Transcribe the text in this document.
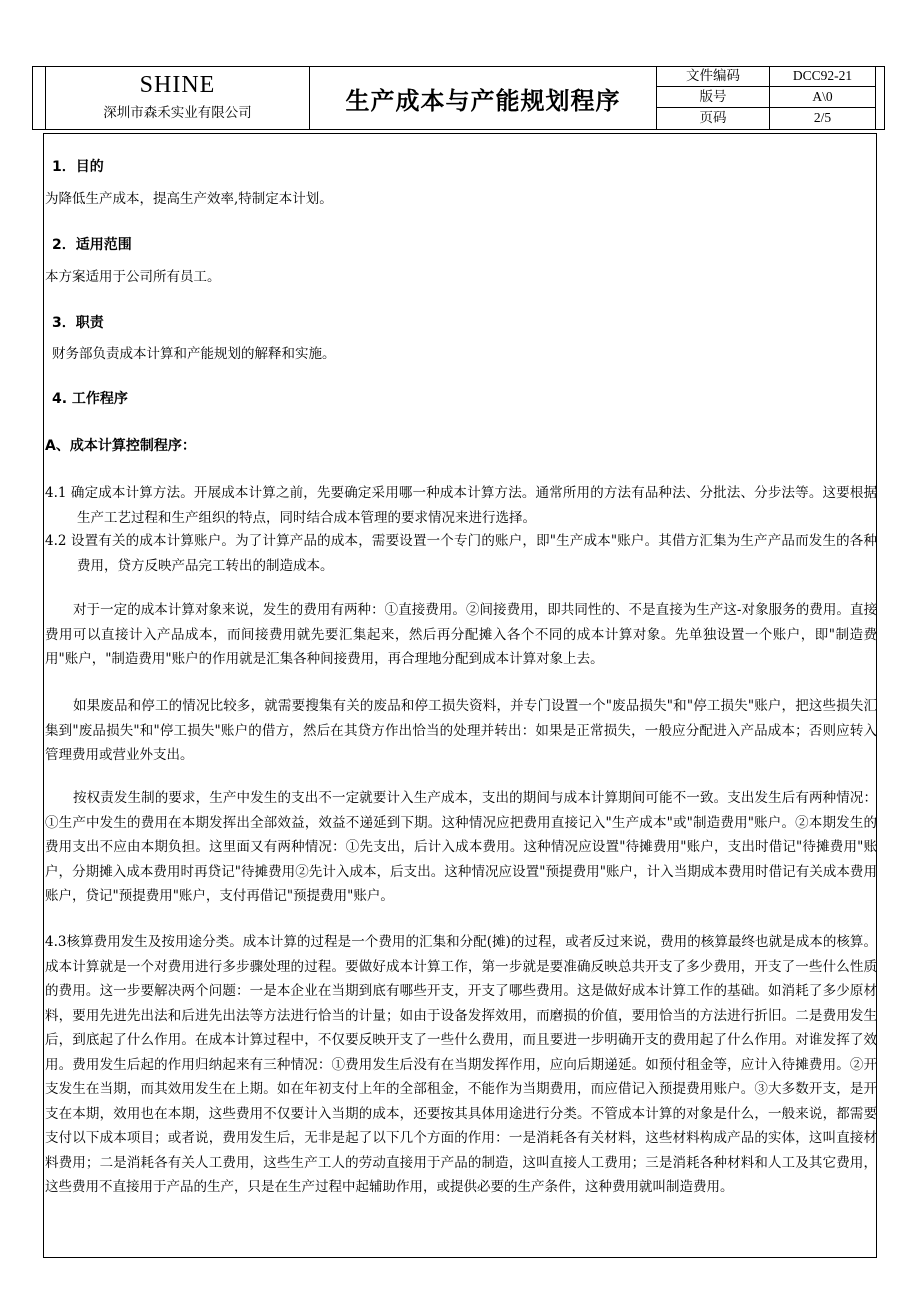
SHINE
深圳市森禾实业有限公司	生产成本与产能规划程序
文件编码	DCC92-21
版号	A\0
页码	2/5
1．目的
为降低生产成本，提高生产效率,特制定本计划。
2．适用范围
本方案适用于公司所有员工。
3．职责
财务部负责成本计算和产能规划的解释和实施。
4. 工作程序
A、成本计算控制程序：
4.1 确定成本计算方法。开展成本计算之前，先要确定采用哪一种成本计算方法。通常所用的方法有品种法、分批法、分步法等。这要根据生产工艺过程和生产组织的特点，同时结合成本管理的要求情况来进行选择。
4.2 设置有关的成本计算账户。为了计算产品的成本，需要设置一个专门的账户，即"生产成本"账户。其借方汇集为生产产品而发生的各种费用，贷方反映产品完工转出的制造成本。
对于一定的成本计算对象来说，发生的费用有两种：①直接费用。②间接费用，即共同性的、不是直接为生产这-对象服务的费用。直接费用可以直接计入产品成本，而间接费用就先要汇集起来，然后再分配摊入各个不同的成本计算对象。先单独设置一个账户，即"制造费用"账户，"制造费用"账户的作用就是汇集各种间接费用，再合理地分配到成本计算对象上去。
如果废品和停工的情况比较多，就需要搜集有关的废品和停工损失资料，并专门设置一个"废品损失"和"停工损失"账户，把这些损失汇集到"废品损失"和"停工损失"账户的借方，然后在其贷方作出恰当的处理并转出：如果是正常损失，一般应分配进入产品成本；否则应转入管理费用或营业外支出。
按权责发生制的要求，生产中发生的支出不一定就要计入生产成本，支出的期间与成本计算期间可能不一致。支出发生后有两种情况：①生产中发生的费用在本期发挥出全部效益，效益不递延到下期。这种情况应把费用直接记入"生产成本"或"制造费用"账户。②本期发生的费用支出不应由本期负担。这里面又有两种情况：①先支出，后计入成本费用。这种情况应设置"待摊费用"账户，支出时借记"待摊费用"账户，分期摊入成本费用时再贷记"待摊费用②先计入成本，后支出。这种情况应设置"预提费用"账户，计入当期成本费用时借记有关成本费用账户，贷记"预提费用"账户，支付再借记"预提费用"账户。
4.3核算费用发生及按用途分类。成本计算的过程是一个费用的汇集和分配(摊)的过程，或者反过来说，费用的核算最终也就是成本的核算。成本计算就是一个对费用进行多步骤处理的过程。要做好成本计算工作，第一步就是要准确反映总共开支了多少费用，开支了一些什么性质的费用。这一步要解决两个问题：一是本企业在当期到底有哪些开支，开支了哪些费用。这是做好成本计算工作的基础。如消耗了多少原材料，要用先进先出法和后进先出法等方法进行恰当的计量；如由于设备发挥效用，而磨损的价值，要用恰当的方法进行折旧。二是费用发生后，到底起了什么作用。在成本计算过程中，不仅要反映开支了一些什么费用，而且要进一步明确开支的费用起了什么作用。对谁发挥了效用。费用发生后起的作用归纳起来有三种情况：①费用发生后没有在当期发挥作用，应向后期递延。如预付租金等，应计入待摊费用。②开支发生在当期，而其效用发生在上期。如在年初支付上年的全部租金，不能作为当期费用，而应借记入预提费用账户。③大多数开支，是开支在本期，效用也在本期，这些费用不仅要计入当期的成本，还要按其具体用途进行分类。不管成本计算的对象是什么，一般来说，都需要支付以下成本项目；或者说，费用发生后，无非是起了以下几个方面的作用：一是消耗各有关材料，这些材料构成产品的实体，这叫直接材料费用；二是消耗各有关人工费用，这些生产工人的劳动直接用于产品的制造，这叫直接人工费用；三是消耗各种材料和人工及其它费用，这些费用不直接用于产品的生产，只是在生产过程中起辅助作用，或提供必要的生产条件，这种费用就叫制造费用。
